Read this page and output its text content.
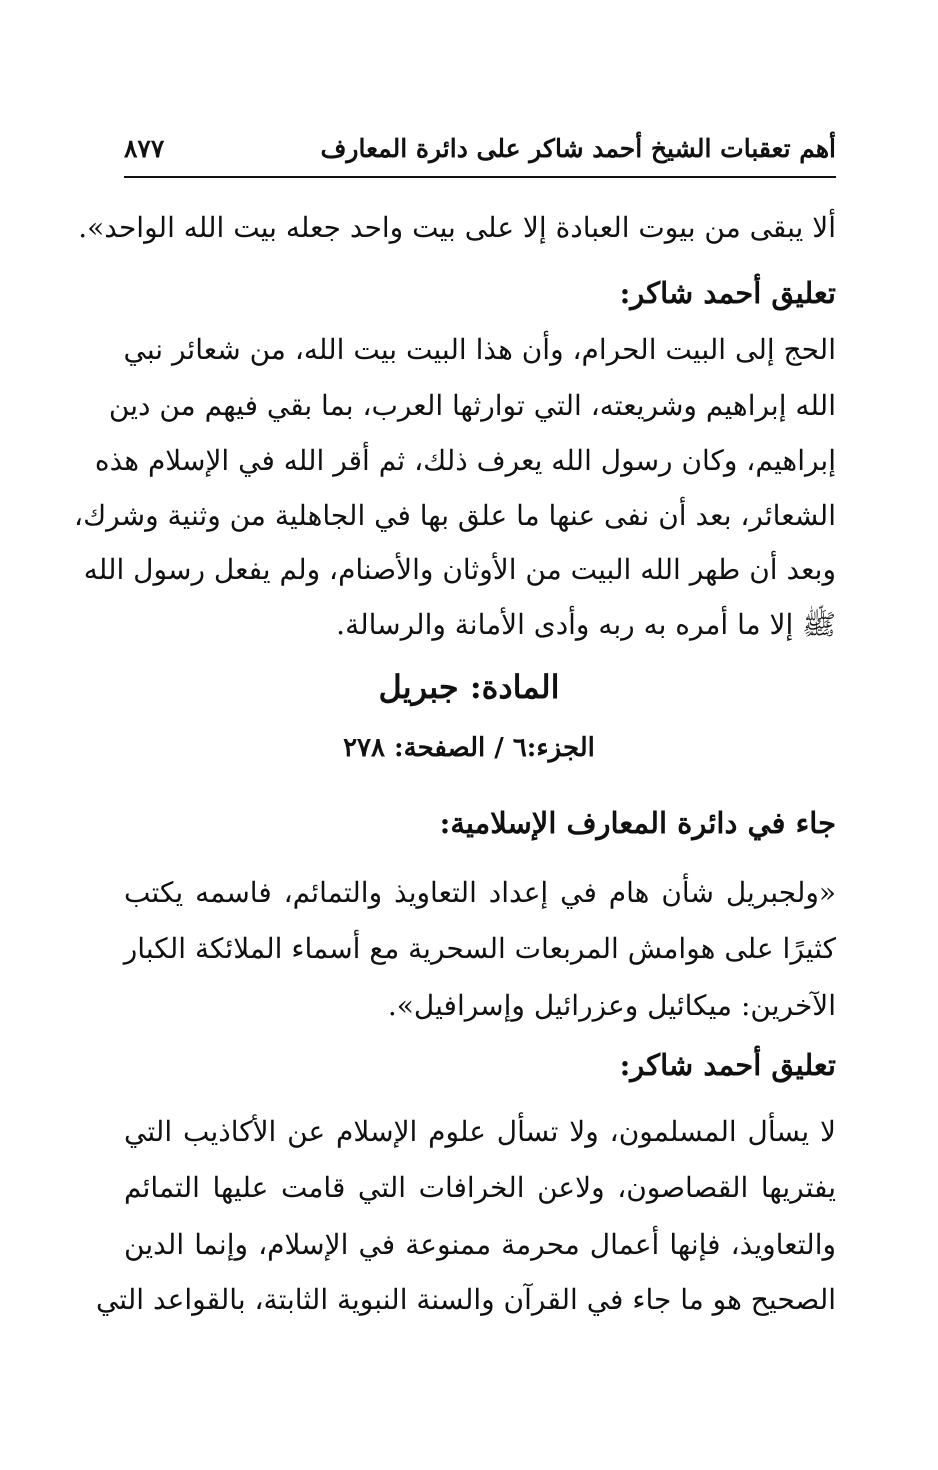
أهم تعقبات الشيخ أحمد شاكر على دائرة المعارف
٨٧٧
ألا يبقى من بيوت العبادة إلا على بيت واحد جعله بيت الله الواحد».
تعليق أحمد شاكر:
الحج إلى البيت الحرام، وأن هذا البيت بيت الله، من شعائر نبي
الله إبراهيم وشريعته، التي توارثها العرب، بما بقي فيهم من دين
إبراهيم، وكان رسول الله يعرف ذلك، ثم أقر الله في الإسلام هذه
الشعائر، بعد أن نفى عنها ما علق بها في الجاهلية من وثنية وشرك،
وبعد أن طهر الله البيت من الأوثان والأصنام، ولم يفعل رسول الله
ﷺ إلا ما أمره به ربه وأدى الأمانة والرسالة.
المادة: جبريل
الجزء:٦ / الصفحة: ٢٧٨
جاء في دائرة المعارف الإسلامية:
«ولجبريل شأن هام في إعداد التعاويذ والتمائم، فاسمه يكتب
كثيرًا على هوامش المربعات السحرية مع أسماء الملائكة الكبار
الآخرين: ميكائيل وعزرائيل وإسرافيل».
تعليق أحمد شاكر:
لا يسأل المسلمون، ولا تسأل علوم الإسلام عن الأكاذيب التي
يفتريها القصاصون، ولاعن الخرافات التي قامت عليها التمائم
والتعاويذ، فإنها أعمال محرمة ممنوعة في الإسلام، وإنما الدين
الصحيح هو ما جاء في القرآن والسنة النبوية الثابتة، بالقواعد التي
